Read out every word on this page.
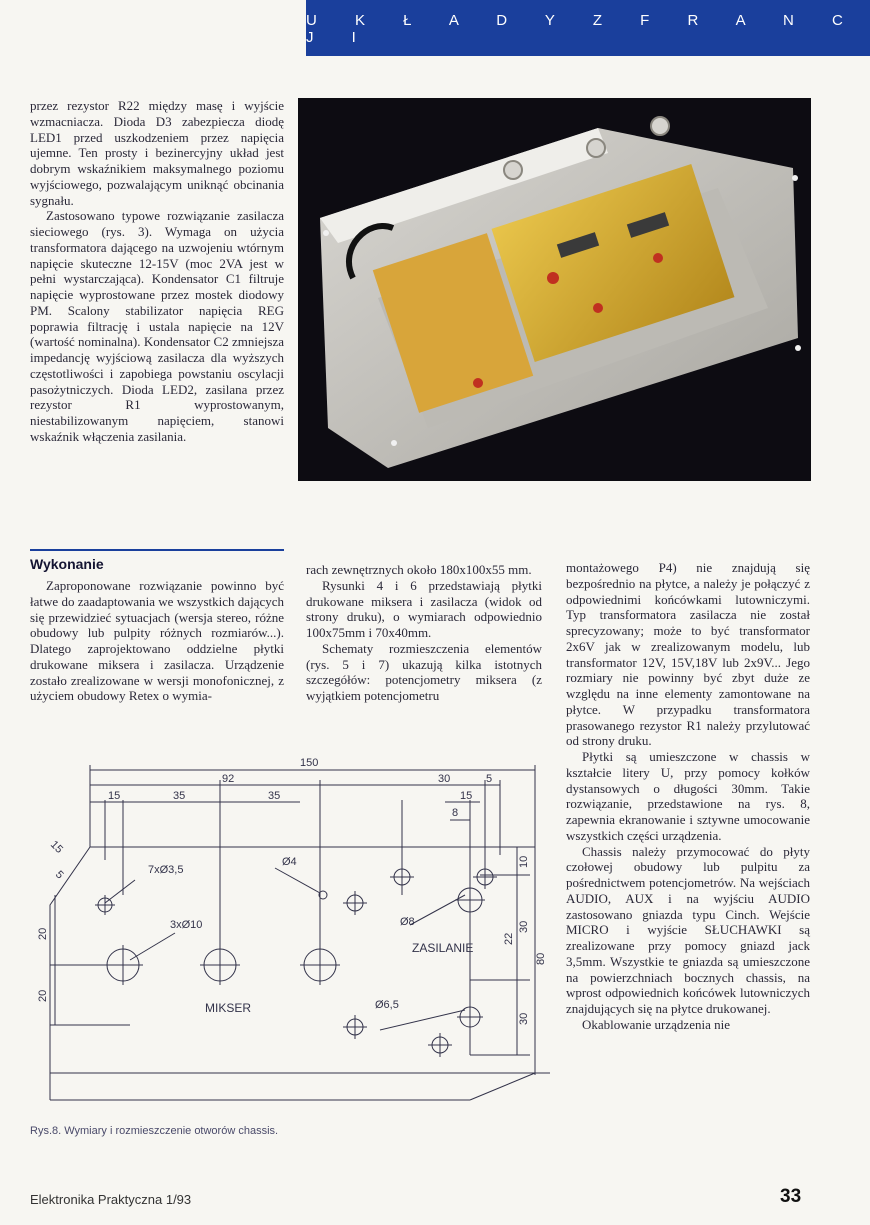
U K Ł A D Y Z F R A N C J I

przez rezystor R22 między masę i wyjście wzmacniacza. Dioda D3 zabezpiecza diodę LED1 przed uszkodzeniem przez napięcia ujemne. Ten prosty i bezinercyjny układ jest dobrym wskaźnikiem maksymalnego poziomu wyjściowego, pozwalającym uniknąć obcinania sygnału.

Zastosowano typowe rozwiązanie zasilacza sieciowego (rys. 3). Wymaga on użycia transformatora dającego na uzwojeniu wtórnym napięcie skuteczne 12-15V (moc 2VA jest w pełni wystarczająca). Kondensator C1 filtruje napięcie wyprostowane przez mostek diodowy PM. Scalony stabilizator napięcia REG poprawia filtrację i ustala napięcie na 12V (wartość nominalna). Kondensator C2 zmniejsza impedancję wyjściową zasilacza dla wyższych częstotliwości i zapobiega powstaniu oscylacji pasożytniczych. Dioda LED2, zasilana przez rezystor R1 wyprostowanym, niestabilizowanym napięciem, stanowi wskaźnik włączenia zasilania.

Wykonanie

Zaproponowane rozwiązanie powinno być łatwe do zaadaptowania we wszystkich dających się przewidzieć sytuacjach (wersja stereo, różne obudowy lub pulpity różnych rozmiarów...). Dlatego zaprojektowano oddzielne płytki drukowane miksera i zasilacza. Urządzenie zostało zrealizowane w wersji monofonicznej, z użyciem obudowy Retex o wymia-

rach zewnętrznych około 180x100x55 mm.

Rysunki 4 i 6 przedstawiają płytki drukowane miksera i zasilacza (widok od strony druku), o wymiarach odpowiednio 100x75mm i 70x40mm.

Schematy rozmieszczenia elementów (rys. 5 i 7) ukazują kilka istotnych szczegółów: potencjometry miksera (z wyjątkiem potencjometru

montażowego P4) nie znajdują się bezpośrednio na płytce, a należy je połączyć z odpowiednimi końcówkami lutowniczymi. Typ transformatora zasilacza nie został sprecyzowany; może to być transformator 2x6V jak w zrealizowanym modelu, lub transformator 12V, 15V,18V lub 2x9V... Jego rozmiary nie powinny być zbyt duże ze względu na inne elementy zamontowane na płytce. W przypadku transformatora prasowanego rezystor R1 należy przylutować od strony druku.

Płytki są umieszczone w chassis w kształcie litery U, przy pomocy kołków dystansowych o długości 30mm. Takie rozwiązanie, przedstawione na rys. 8, zapewnia ekranowanie i sztywne umocowanie wszystkich części urządzenia.

Chassis należy przymocować do płyty czołowej obudowy lub pulpitu za pośrednictwem potencjometrów. Na wejściach AUDIO, AUX i na wyjściu AUDIO zastosowano gniazda typu Cinch. Wejście MICRO i wyjście SŁUCHAWKI są zrealizowane przy pomocy gniazd jack 3,5mm. Wszystkie te gniazda są umieszczone na powierzchniach bocznych chassis, na wprost odpowiednich końcówek lutowniczych znajdujących się na płytce drukowanej.

Okablowanie urządzenia nie

150
92	30	5
15	35	35	15
8
15
5
20
20
10
30
22
30
80
7xØ3,5
Ø4
3xØ10	Ø8
Ø6,5
ZASILANIE
MIKSER
Rys.8. Wymiary i rozmieszczenie otworów chassis.
Elektronika Praktyczna 1/93	33
